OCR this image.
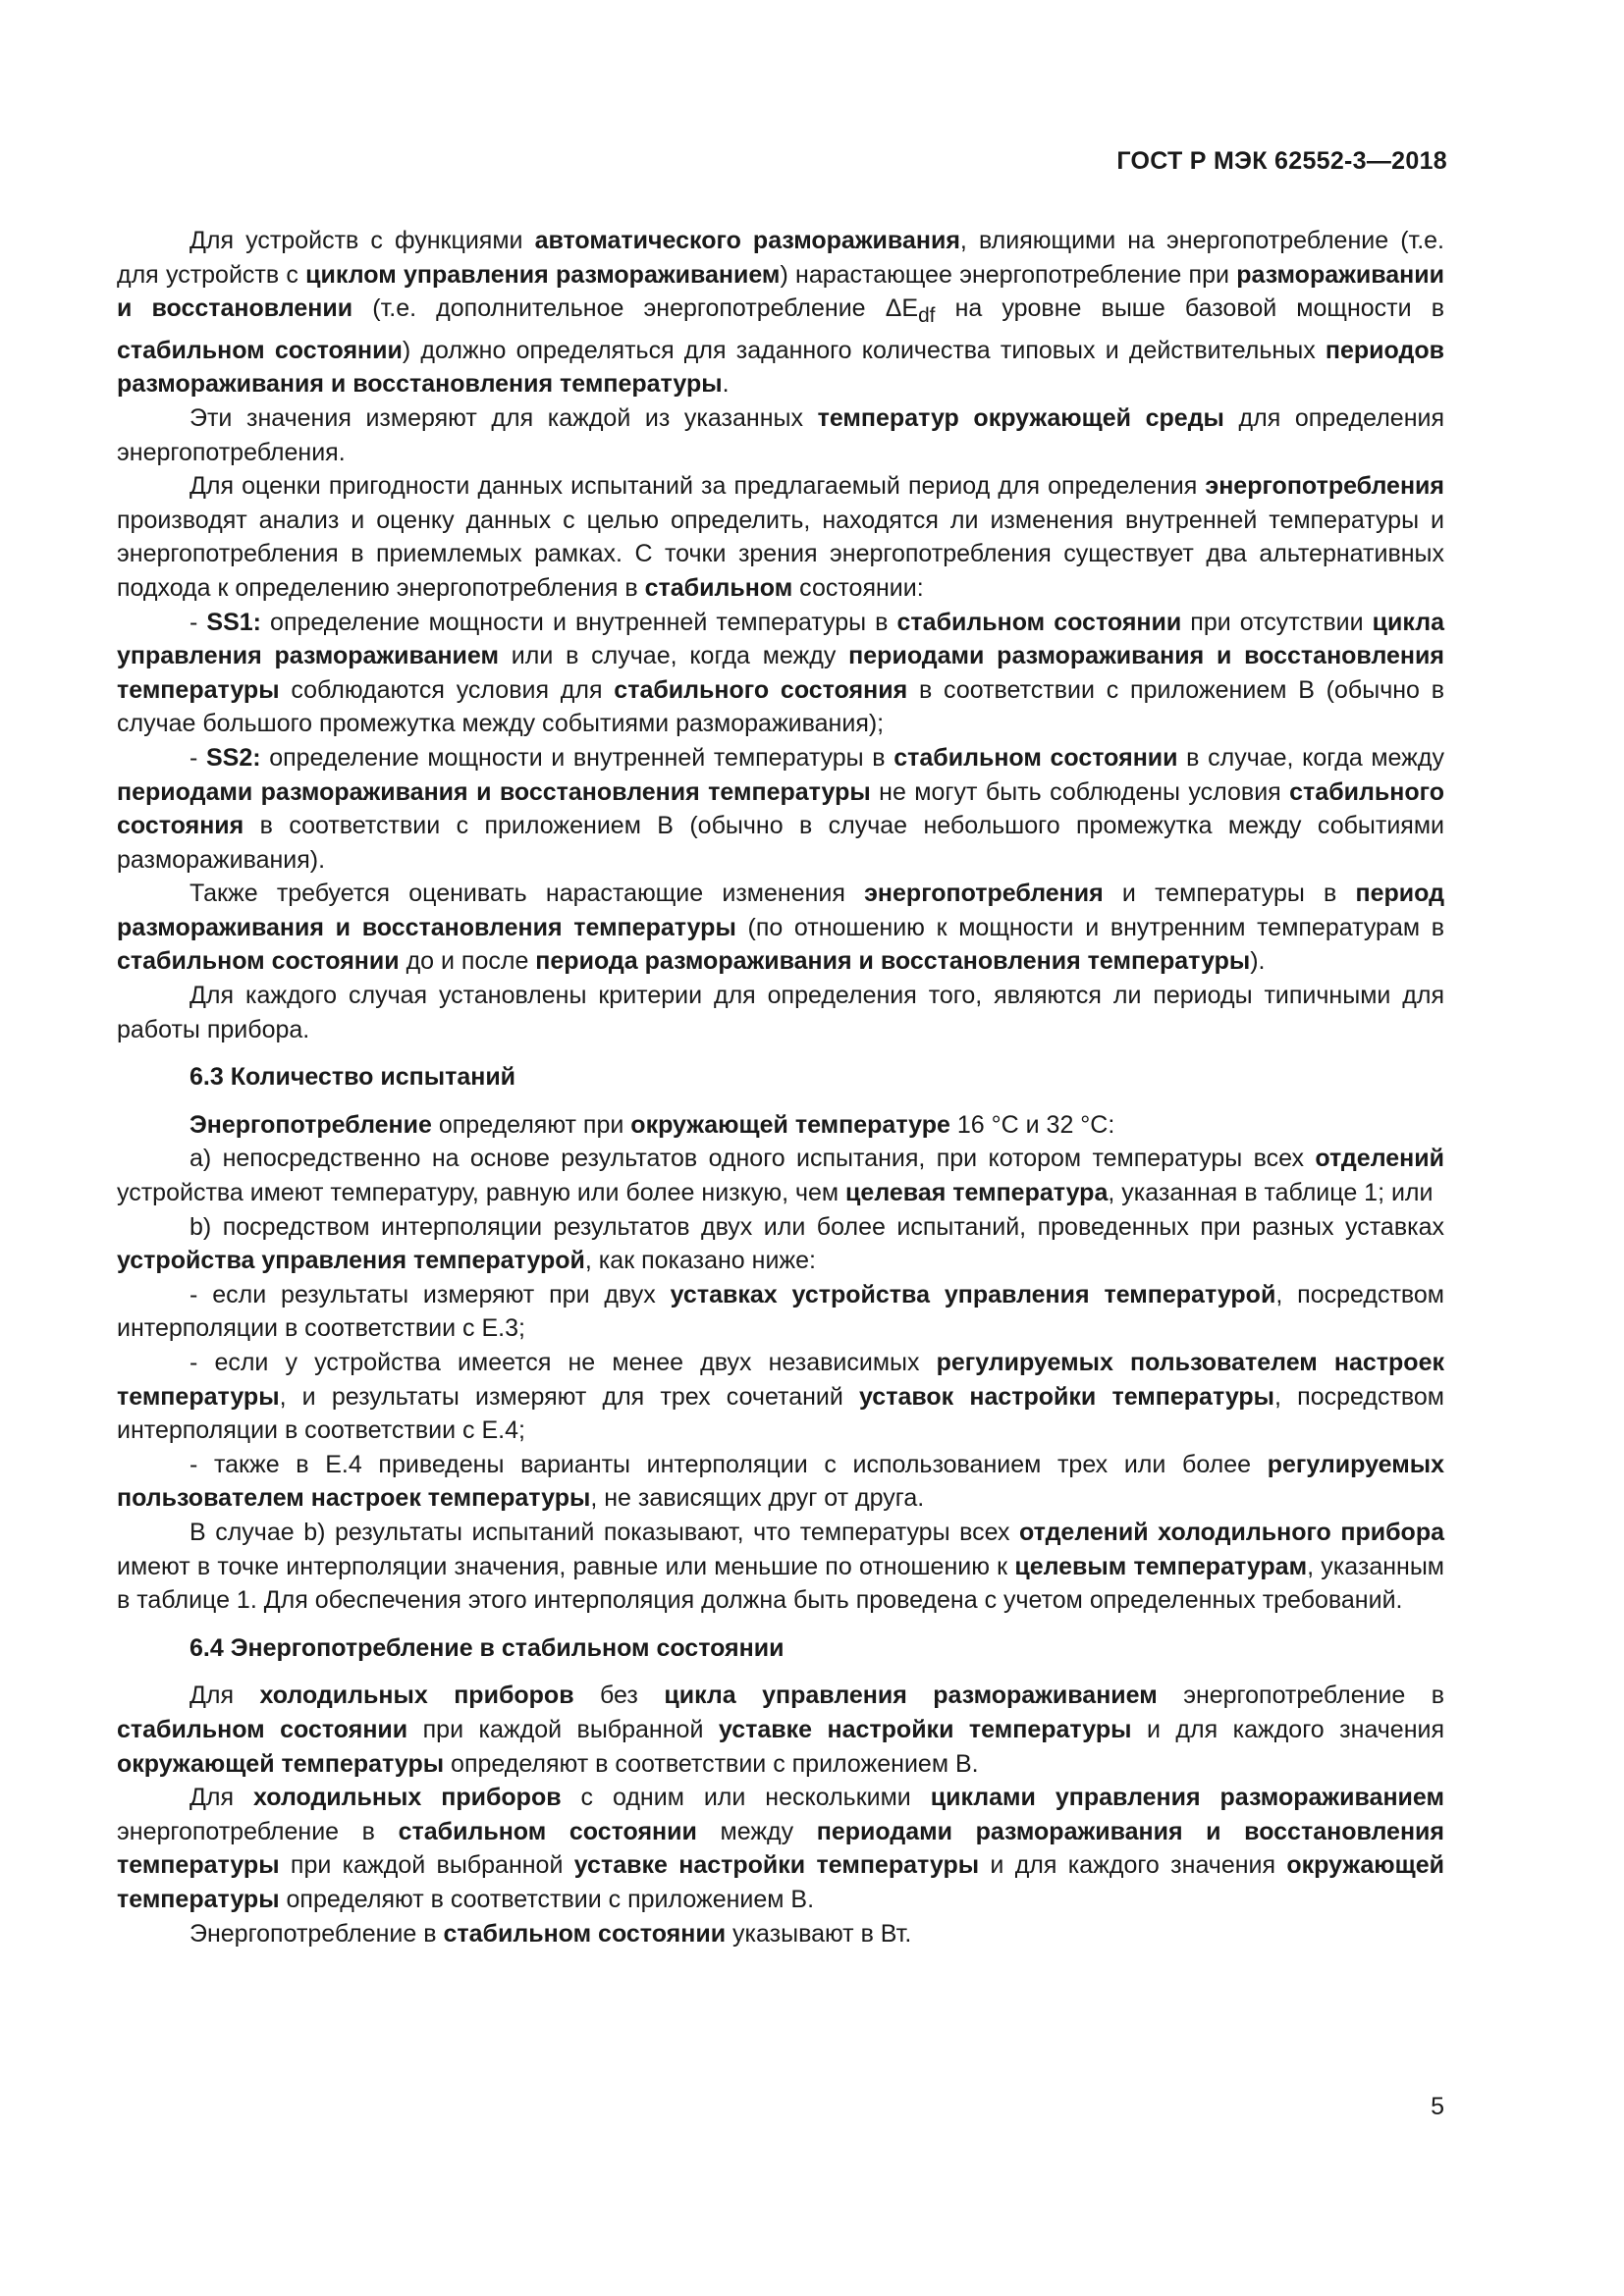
ГОСТ Р МЭК 62552-3—2018

Для устройств с функциями автоматического размораживания, влияющими на энергопотребление (т.е. для устройств с циклом управления размораживанием) нарастающее энергопотребление при размораживании и восстановлении (т.е. дополнительное энергопотребление $\Delta E_{df}$ на уровне выше базовой мощности в стабильном состоянии) должно определяться для заданного количества типовых и действительных периодов размораживания и восстановления температуры.

Эти значения измеряют для каждой из указанных температур окружающей среды для определения энергопотребления.

Для оценки пригодности данных испытаний за предлагаемый период для определения энергопотребления производят анализ и оценку данных с целью определить, находятся ли изменения внутренней температуры и энергопотребления в приемлемых рамках. С точки зрения энергопотребления существует два альтернативных подхода к определению энергопотребления в стабильном состоянии:

- SS1: определение мощности и внутренней температуры в стабильном состоянии при отсутствии цикла управления размораживанием или в случае, когда между периодами размораживания и восстановления температуры соблюдаются условия для стабильного состояния в соответствии с приложением В (обычно в случае большого промежутка между событиями размораживания);

- SS2: определение мощности и внутренней температуры в стабильном состоянии в случае, когда между периодами размораживания и восстановления температуры не могут быть соблюдены условия стабильного состояния в соответствии с приложением В (обычно в случае небольшого промежутка между событиями размораживания).

Также требуется оценивать нарастающие изменения энергопотребления и температуры в период размораживания и восстановления температуры (по отношению к мощности и внутренним температурам в стабильном состоянии до и после периода размораживания и восстановления температуры).

Для каждого случая установлены критерии для определения того, являются ли периоды типичными для работы прибора.

6.3 Количество испытаний

Энергопотребление определяют при окружающей температуре 16 °С и 32 °С:

а) непосредственно на основе результатов одного испытания, при котором температуры всех отделений устройства имеют температуру, равную или более низкую, чем целевая температура, указанная в таблице 1; или

b) посредством интерполяции результатов двух или более испытаний, проведенных при разных уставках устройства управления температурой, как показано ниже:

- если результаты измеряют при двух уставках устройства управления температурой, посредством интерполяции в соответствии с Е.3;

- если у устройства имеется не менее двух независимых регулируемых пользователем настроек температуры, и результаты измеряют для трех сочетаний уставок настройки температуры, посредством интерполяции в соответствии с Е.4;

- также в Е.4 приведены варианты интерполяции с использованием трех или более регулируемых пользователем настроек температуры, не зависящих друг от друга.

В случае b) результаты испытаний показывают, что температуры всех отделений холодильного прибора имеют в точке интерполяции значения, равные или меньшие по отношению к целевым температурам, указанным в таблице 1. Для обеспечения этого интерполяция должна быть проведена с учетом определенных требований.

6.4 Энергопотребление в стабильном состоянии

Для холодильных приборов без цикла управления размораживанием энергопотребление в стабильном состоянии при каждой выбранной уставке настройки температуры и для каждого значения окружающей температуры определяют в соответствии с приложением В.

Для холодильных приборов с одним или несколькими циклами управления размораживанием энергопотребление в стабильном состоянии между периодами размораживания и восстановления температуры при каждой выбранной уставке настройки температуры и для каждого значения окружающей температуры определяют в соответствии с приложением В.

Энергопотребление в стабильном состоянии указывают в Вт.

5
